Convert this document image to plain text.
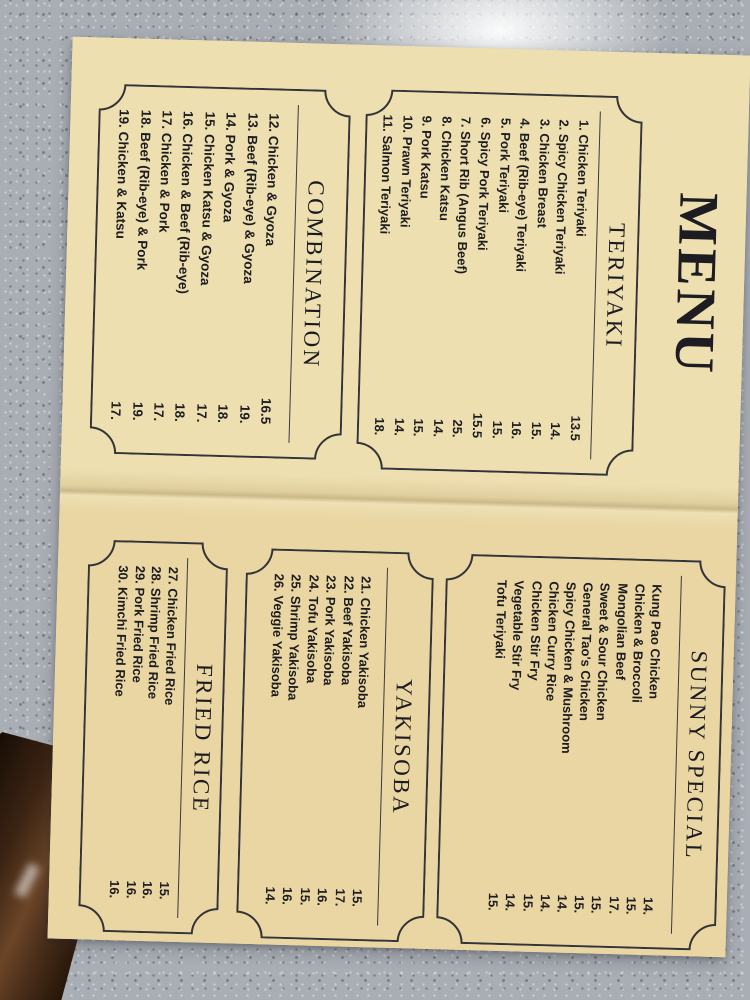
MENU
TERIYAKI
1. Chicken Teriyaki
13.5
2. Spicy Chicken Teriyaki
14.
3. Chicken Breast
15.
4. Beef (Rib-eye) Teriyaki
16.
5. Pork Teriyaki
15.
6. Spicy Pork Teriyaki
15.5
7. Short Rib (Angus Beef)
25.
8. Chicken Katsu
14.
9. Pork Katsu
15.
10. Prawn Teriyaki
14.
11. Salmon Teriyaki
18.
COMBINATION
12. Chicken & Gyoza
16.5
13. Beef (Rib-eye) & Gyoza
19.
14. Pork & Gyoza
18.
15. Chicken Katsu & Gyoza
17.
16. Chicken & Beef (Rib-eye)
18.
17. Chicken & Pork
17.
18. Beef (Rib-eye) & Pork
19.
19. Chicken & Katsu
17.
SUNNY SPECIAL
Kung Pao Chicken
14.
Chicken & Broccoli
15.
Mongolian Beef
17.
Sweet & Sour Chicken
15.
General Tao's Chicken
15.
Spicy Chicken & Mushroom
14.
Chicken Curry Rice
14.
Chicken Stir Fry
15.
Vegetable Stir Fry
14.
Tofu Teriyaki
15.
YAKISOBA
21. Chicken Yakisoba
15.
22. Beef Yakisoba
17.
23. Pork Yakisoba
16.
24. Tofu Yakisoba
15.
25. Shrimp Yakisoba
16.
26. Veggie Yakisoba
14.
FRIED RICE
27. Chicken Fried Rice
15.
28. Shrimp Fried Rice
16.
29. Pork Fried Rice
16.
30. Kimchi Fried Rice
16.
